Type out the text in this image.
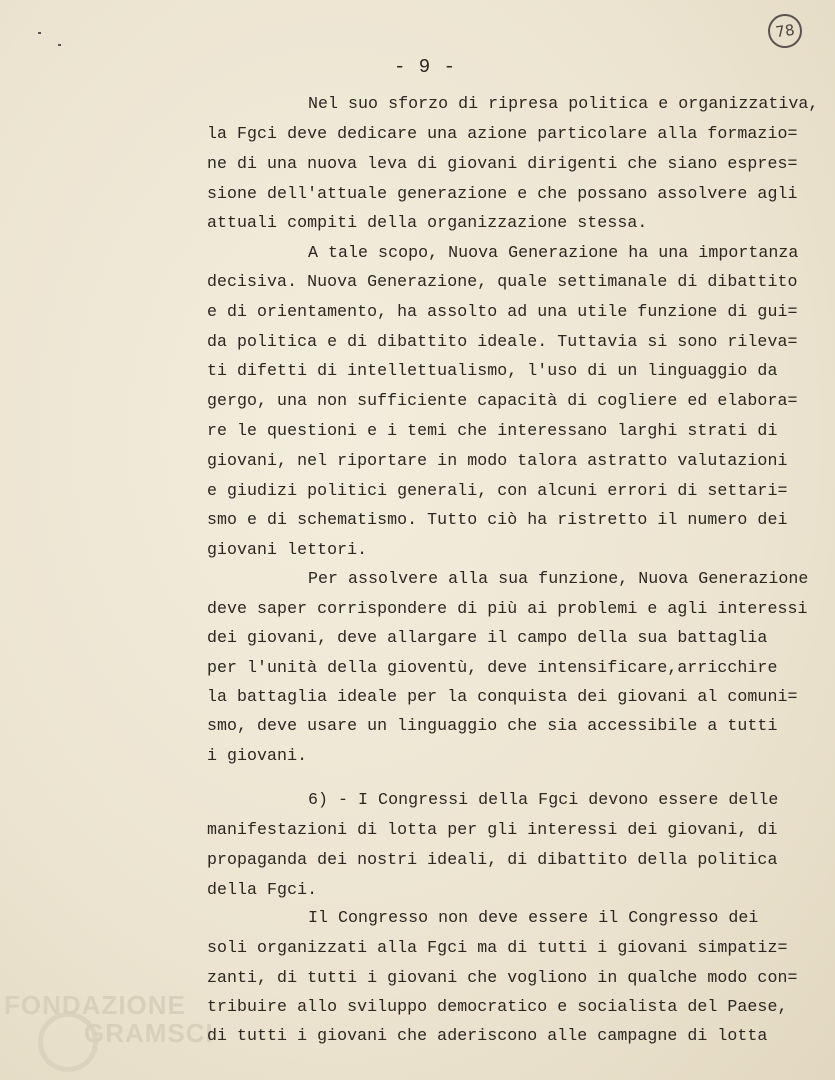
78
- 9 -
FONDAZIONE
GRAMSCI
Nel suo sforzo di ripresa politica e organizzativa,
la Fgci deve dedicare una azione particolare alla formazio=
ne di una nuova leva di giovani dirigenti che siano espres=
sione dell'attuale generazione e che possano assolvere agli
attuali compiti della organizzazione stessa.
A tale scopo, Nuova Generazione ha una importanza
decisiva. Nuova Generazione, quale settimanale di dibattito
e di orientamento, ha assolto ad una utile funzione di gui=
da politica e di dibattito ideale. Tuttavia si sono rileva=
ti difetti di intellettualismo, l'uso di un linguaggio da
gergo, una non sufficiente capacità di cogliere ed elabora=
re le questioni e i temi che interessano larghi strati di
giovani, nel riportare in modo talora astratto valutazioni
e giudizi politici generali, con alcuni errori di settari=
smo e di schematismo. Tutto ciò ha ristretto il numero dei
giovani lettori.
Per assolvere alla sua funzione, Nuova Generazione
deve saper corrispondere di più ai problemi e agli interessi
dei giovani, deve allargare il campo della sua battaglia
per l'unità della gioventù, deve intensificare,arricchire
la battaglia ideale per la conquista dei giovani al comuni=
smo, deve usare un linguaggio che sia accessibile a tutti
i giovani.
6) - I Congressi della Fgci devono essere delle
manifestazioni di lotta per gli interessi dei giovani, di
propaganda dei nostri ideali, di dibattito della politica
della Fgci.
Il Congresso non deve essere il Congresso dei
soli organizzati alla Fgci ma di tutti i giovani simpatiz=
zanti, di tutti i giovani che vogliono in qualche modo con=
tribuire allo sviluppo democratico e socialista del Paese,
di tutti i giovani che aderiscono alle campagne di lotta
